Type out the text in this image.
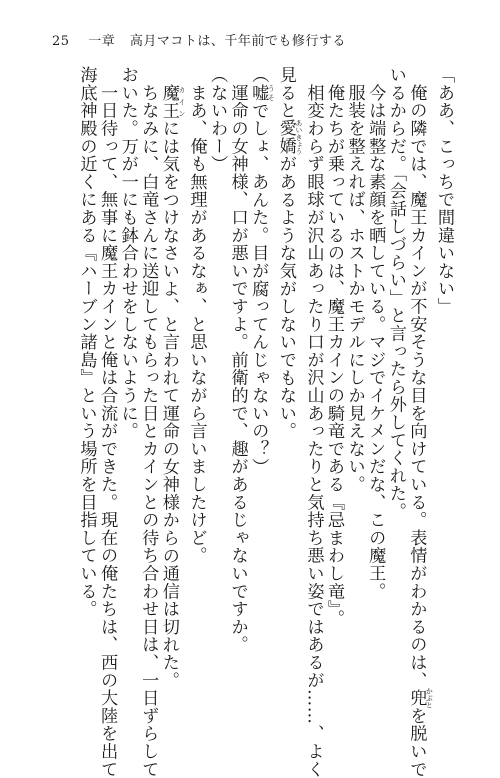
25 一章 高月マコトは、千年前でも修行する
「ああ、こっちで間違いない」
　俺の隣では、魔王カインが不安そうな目を向けている。表情がわかるのは、兜 かぶとを脱いで
いるからだ。「会話しづらい」と言ったら外してくれた。
　今は端整な素顔を晒している。マジでイケメンだな、この魔王。
　服装を整えれば、ホストかモデルにしか見えない。
　俺たちが乗っているのは、魔王カインの騎竜である『忌まわし竜』。
　相変わらず眼球が沢山あったり口が沢山あったりと気持ち悪い姿ではあるが……、よく
見ると愛嬌 あいきょうがあるような気がしないでもない。
（嘘 うそでしょ、あんた。目が腐ってんじゃないの？）
　運命の女神様、口が悪いですよ。前衛的で、趣があるじゃないですか。
（ないわー）
　まあ、俺も無理があるなぁ、と思いながら言いましたけど。
　魔王 カインには気をつけなさいよ、と言われて運命の女神様からの通信は切れた。
　ちなみに、白竜さんに送迎してもらった日とカインとの待ち合わせ日は、一日ずらして
おいた。万が一にも鉢合わせをしないように。
　一日待って、無事に魔王カインと俺は合流ができた。現在の俺たちは、西の大陸を出て
海底神殿の近くにある『ハーブン諸島』という場所を目指している。
